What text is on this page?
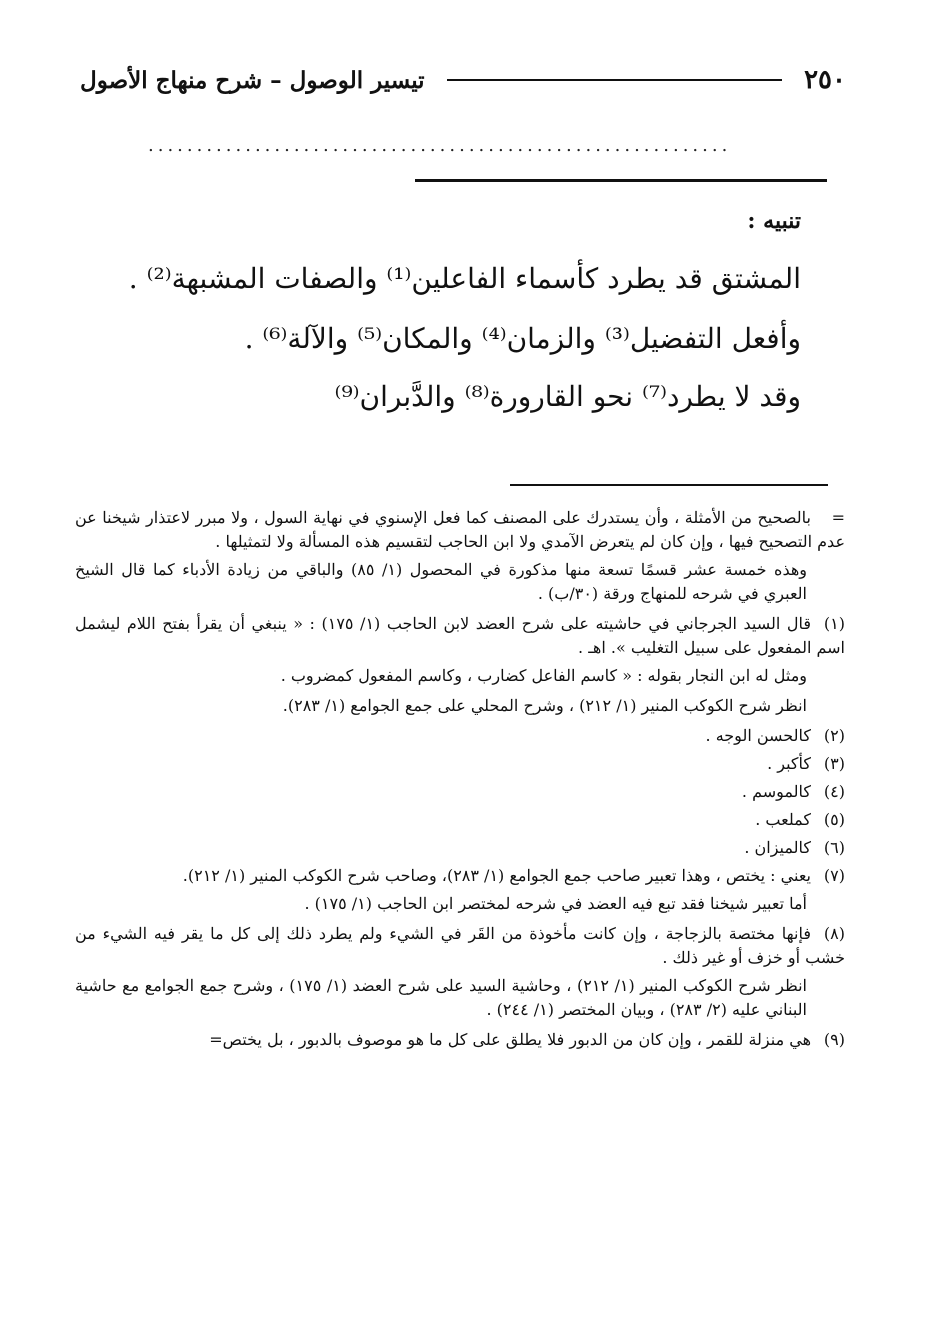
٢٥٠
تيسير الوصول – شرح منهاج الأصول
............................................................
تنبيه :
المشتق قد يطرد كأسماء الفاعلين⁽¹⁾ والصفات المشبهة⁽²⁾ .
وأفعل التفضيل⁽³⁾ والزمان⁽⁴⁾ والمكان⁽⁵⁾ والآلة⁽⁶⁾ .
وقد لا يطرد⁽⁷⁾ نحو القارورة⁽⁸⁾ والدَّبران⁽⁹⁾

=بالصحيح من الأمثلة ، وأن يستدرك على المصنف كما فعل الإسنوي في نهاية السول ، ولا مبرر لاعتذار شيخنا عن عدم التصحيح فيها ، وإن كان لم يتعرض الآمدي ولا ابن الحاجب لتقسيم هذه المسألة ولا لتمثيلها .

وهذه خمسة عشر قسمًا تسعة منها مذكورة في المحصول (١/ ٨٥) والباقي من زيادة الأدباء كما قال الشيخ العبري في شرحه للمنهاج ورقة (٣٠/ب) .

(١)قال السيد الجرجاني في حاشيته على شرح العضد لابن الحاجب (١/ ١٧٥) : « ينبغي أن يقرأ بفتح اللام ليشمل اسم المفعول على سبيل التغليب ». اهـ .

ومثل له ابن النجار بقوله : « كاسم الفاعل كضارب ، وكاسم المفعول كمضروب .

انظر شرح الكوكب المنير (١/ ٢١٢) ، وشرح المحلي على جمع الجوامع (١/ ٢٨٣).

(٢)كالحسن الوجه .

(٣)كأكبر .

(٤)كالموسم .

(٥)كملعب .

(٦)كالميزان .

(٧)يعني : يختص ، وهذا تعبير صاحب جمع الجوامع (١/ ٢٨٣)، وصاحب شرح الكوكب المنير (١/ ٢١٢).

أما تعبير شيخنا فقد تبع فيه العضد في شرحه لمختصر ابن الحاجب (١/ ١٧٥) .

(٨)فإنها مختصة بالزجاجة ، وإن كانت مأخوذة من القَر في الشيء ولم يطرد ذلك إلى كل ما يقر فيه الشيء من خشب أو خزف أو غير ذلك .

انظر شرح الكوكب المنير (١/ ٢١٢) ، وحاشية السيد على شرح العضد (١/ ١٧٥) ، وشرح جمع الجوامع مع حاشية البناني عليه (٢/ ٢٨٣) ، وبيان المختصر (١/ ٢٤٤) .

(٩)هي منزلة للقمر ، وإن كان من الدبور فلا يطلق على كل ما هو موصوف بالدبور ، بل يختص=
